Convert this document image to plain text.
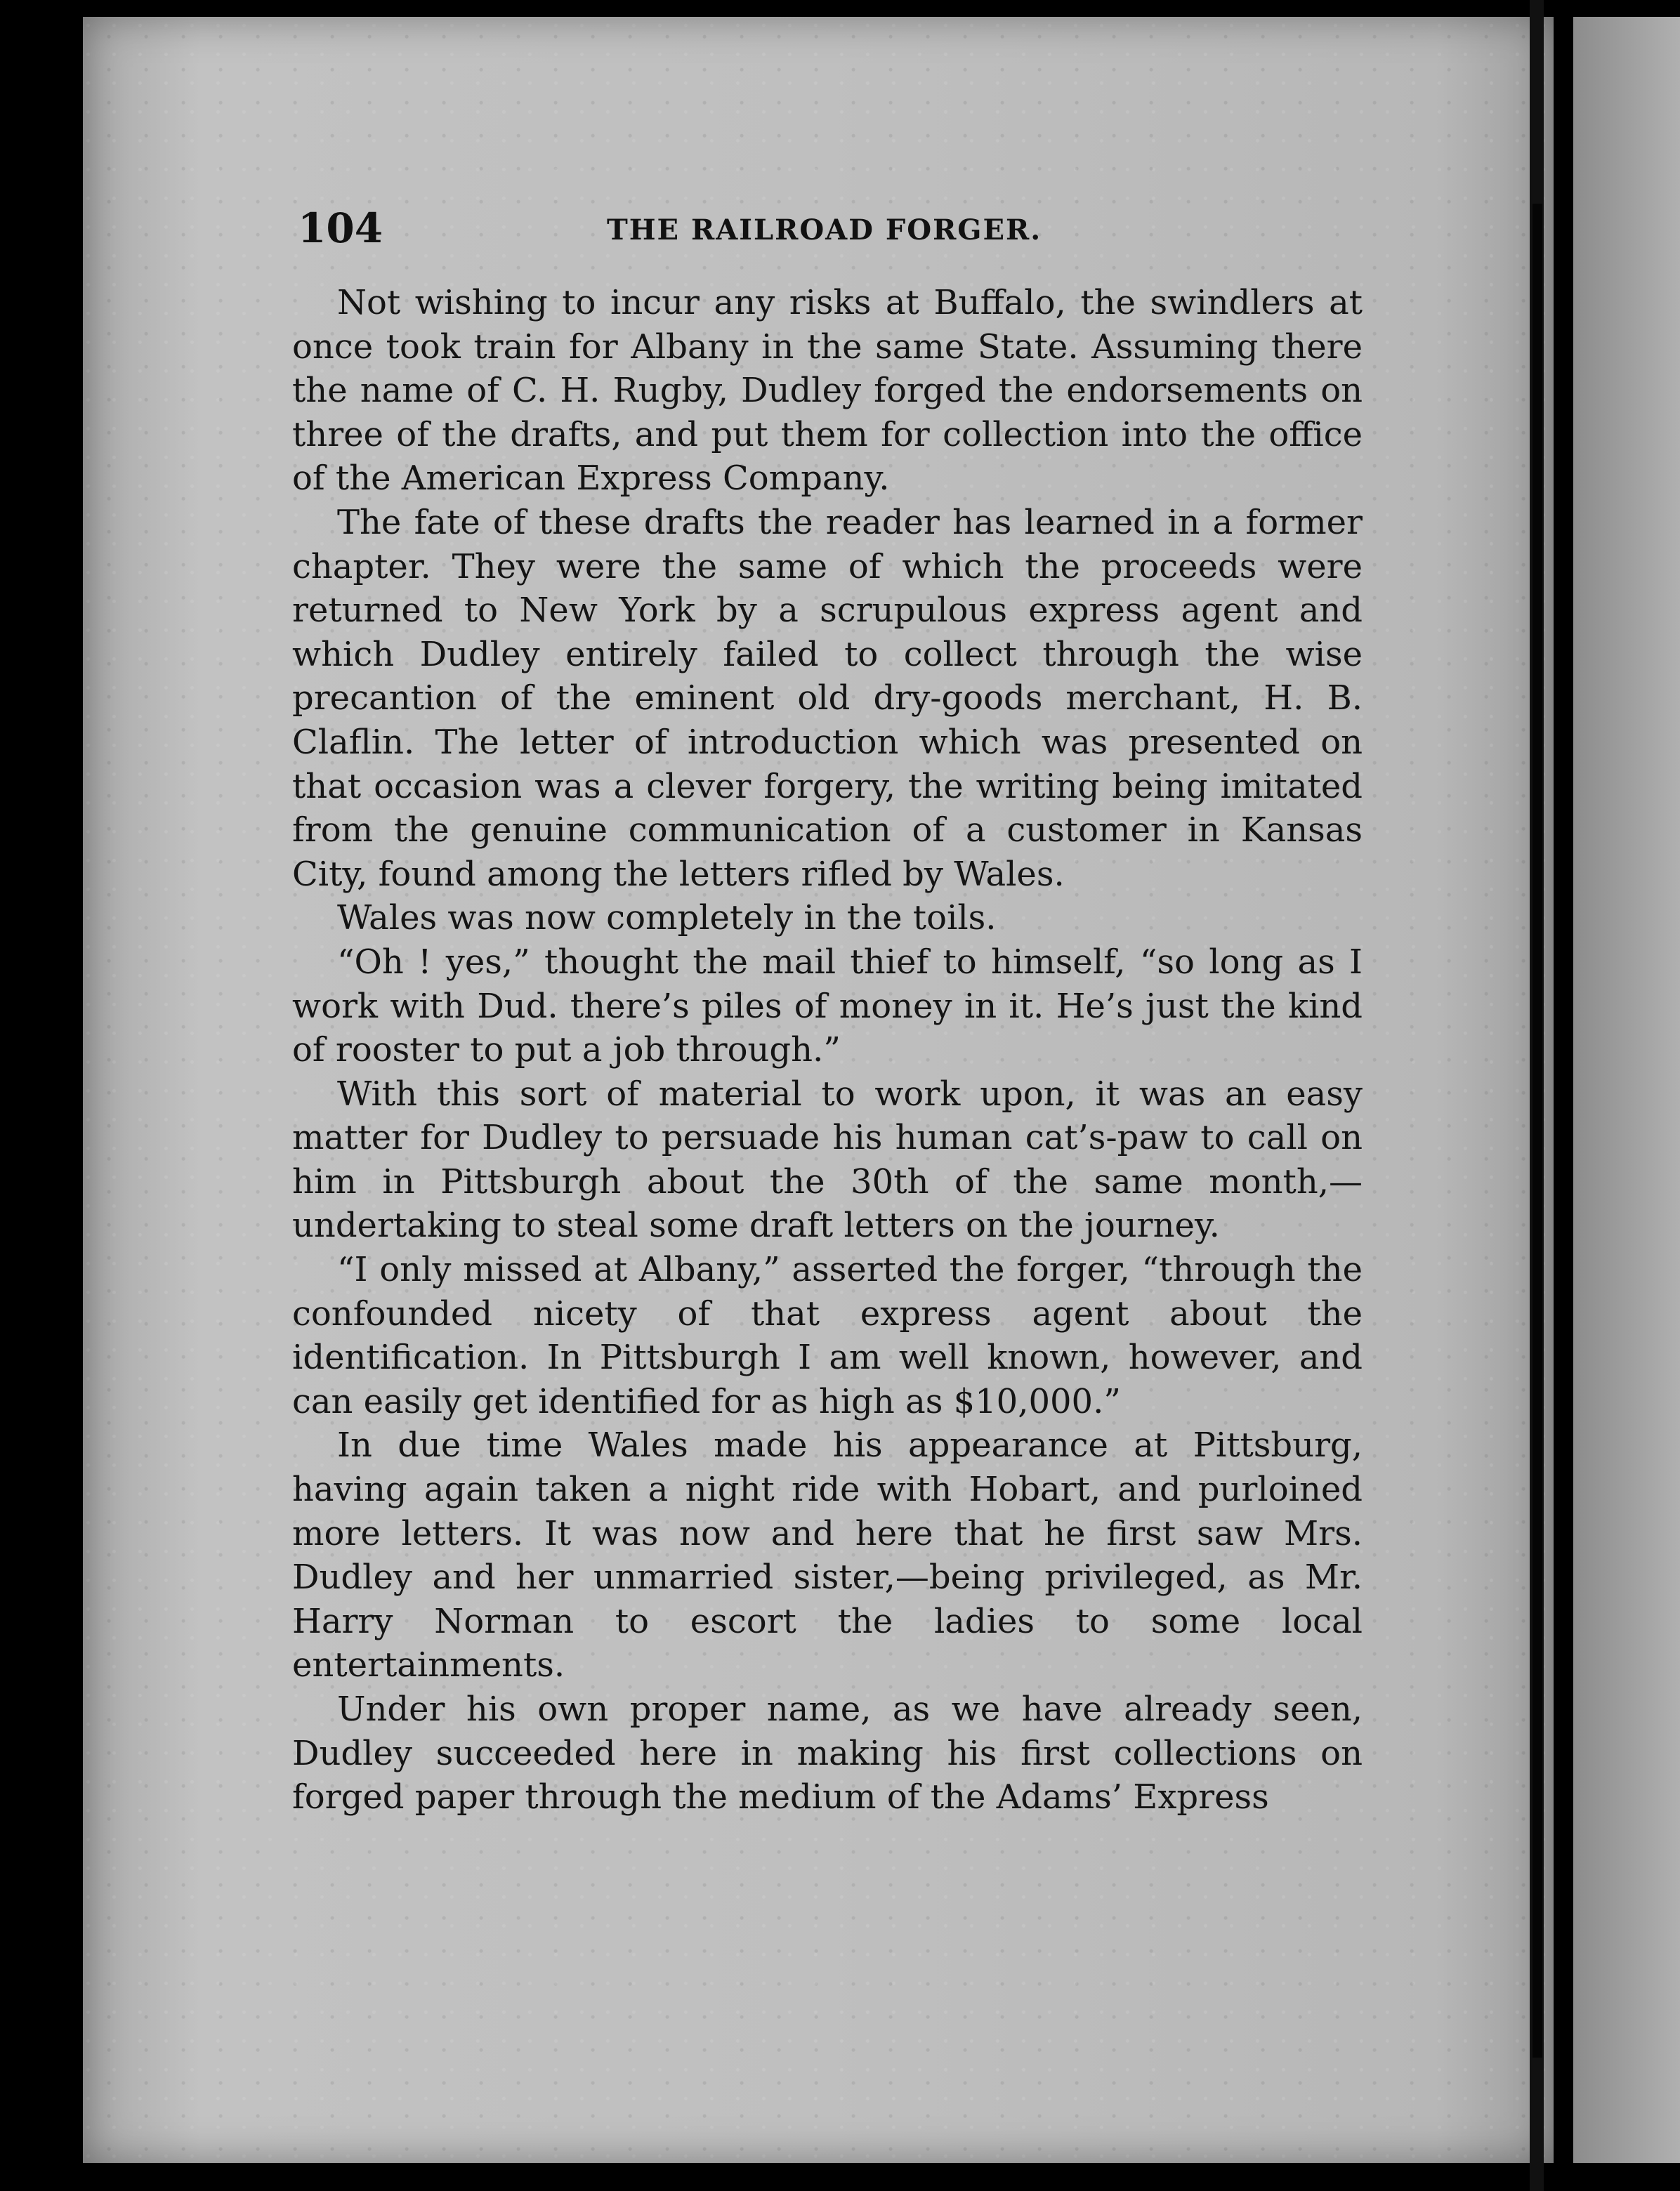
104	THE RAILROAD FORGER.

Not wishing to incur any risks at Buffalo, the swindlers at once took train for Albany in the same State. Assuming there the name of C. H. Rugby, Dudley forged the endorsements on three of the drafts, and put them for collection into the office of the American Express Company.

The fate of these drafts the reader has learned in a former chapter. They were the same of which the proceeds were returned to New York by a scrupulous express agent and which Dudley entirely failed to collect through the wise precantion of the eminent old dry-goods merchant, H. B. Claflin. The letter of introduction which was presented on that occasion was a clever forgery, the writing being imitated from the genuine communication of a customer in Kansas City, found among the letters rifled by Wales.

Wales was now completely in the toils.

“Oh ! yes,” thought the mail thief to himself, “so long as I work with Dud. there’s piles of money in it. He’s just the kind of rooster to put a job through.”

With this sort of material to work upon, it was an easy matter for Dudley to persuade his human cat’s-paw to call on him in Pittsburgh about the 30th of the same month,—undertaking to steal some draft letters on the journey.

“I only missed at Albany,” asserted the forger, “through the confounded nicety of that express agent about the identification. In Pittsburgh I am well known, however, and can easily get identified for as high as $10,000.”

In due time Wales made his appearance at Pittsburg, having again taken a night ride with Hobart, and purloined more letters. It was now and here that he first saw Mrs. Dudley and her unmarried sister,—being privileged, as Mr. Harry Norman to escort the ladies to some local entertainments.

Under his own proper name, as we have already seen, Dudley succeeded here in making his first collections on forged paper through the medium of the Adams’ Express
